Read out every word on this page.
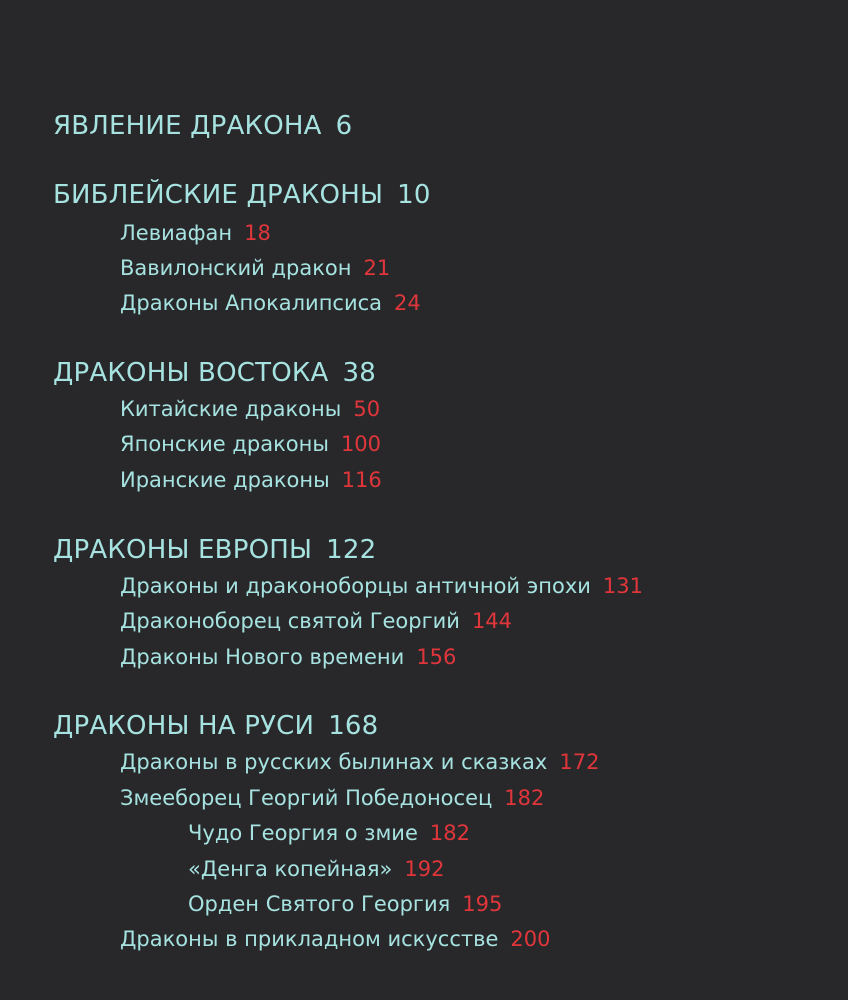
ЯВЛЕНИЕ ДРАКОНА 6
БИБЛЕЙСКИЕ ДРАКОНЫ 10
Левиафан 18
Вавилонский дракон 21
Драконы Апокалипсиса 24
ДРАКОНЫ ВОСТОКА 38
Китайские драконы 50
Японские драконы 100
Иранские драконы 116
ДРАКОНЫ ЕВРОПЫ 122
Драконы и драконоборцы античной эпохи 131
Драконоборец святой Георгий 144
Драконы Нового времени 156
ДРАКОНЫ НА РУСИ 168
Драконы в русских былинах и сказках 172
Змееборец Георгий Победоносец 182
Чудо Георгия о змие 182
«Денга копейная» 192
Орден Святого Георгия 195
Драконы в прикладном искусстве 200
